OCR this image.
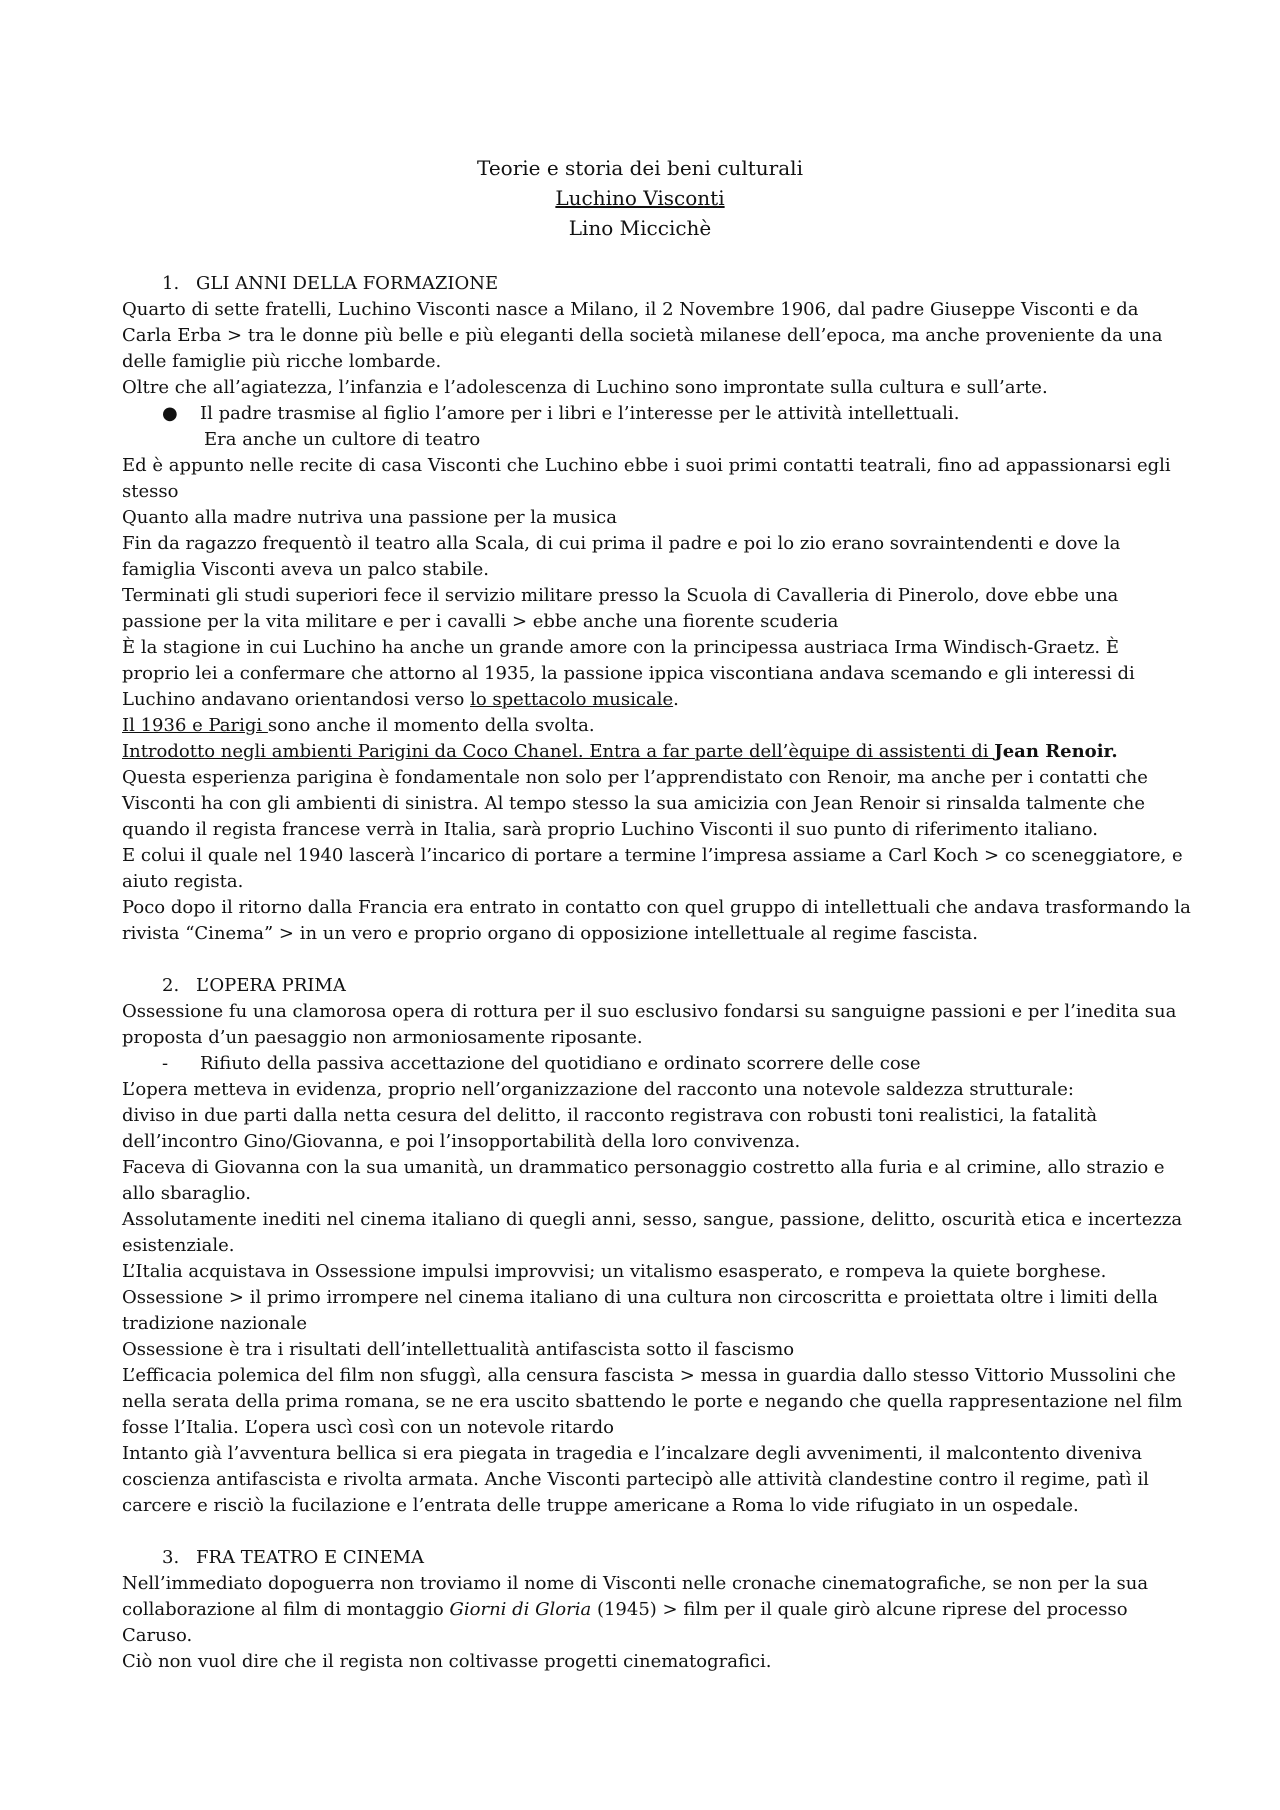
Teorie e storia dei beni culturali
Luchino Visconti
Lino Miccichè
1. GLI ANNI DELLA FORMAZIONE

Quarto di sette fratelli, Luchino Visconti nasce a Milano, il 2 Novembre 1906, dal padre Giuseppe Visconti e da Carla Erba > tra le donne più belle e più eleganti della società milanese dell’epoca, ma anche proveniente da una delle famiglie più ricche lombarde.

Oltre che all’agiatezza, l’infanzia e l’adolescenza di Luchino sono improntate sulla cultura e sull’arte.

●	Il padre trasmise al figlio l’amore per i libri e l’interesse per le attività intellettuali.

Era anche un cultore di teatro

Ed è appunto nelle recite di casa Visconti che Luchino ebbe i suoi primi contatti teatrali, fino ad appassionarsi egli stesso

Quanto alla madre nutriva una passione per la musica

Fin da ragazzo frequentò il teatro alla Scala, di cui prima il padre e poi lo zio erano sovraintendenti e dove la famiglia Visconti aveva un palco stabile.

Terminati gli studi superiori fece il servizio militare presso la Scuola di Cavalleria di Pinerolo, dove ebbe una passione per la vita militare e per i cavalli > ebbe anche una fiorente scuderia

È la stagione in cui Luchino ha anche un grande amore con la principessa austriaca Irma Windisch-Graetz. È proprio lei a confermare che attorno al 1935, la passione ippica viscontiana andava scemando e gli interessi di Luchino andavano orientandosi verso lo spettacolo musicale.

Il 1936 e Parigi sono anche il momento della svolta.

Introdotto negli ambienti Parigini da Coco Chanel. Entra a far parte dell’èquipe di assistenti di Jean Renoir.

Questa esperienza parigina è fondamentale non solo per l’apprendistato con Renoir, ma anche per i contatti che Visconti ha con gli ambienti di sinistra. Al tempo stesso la sua amicizia con Jean Renoir si rinsalda talmente che quando il regista francese verrà in Italia, sarà proprio Luchino Visconti il suo punto di riferimento italiano.

E colui il quale nel 1940 lascerà l’incarico di portare a termine l’impresa assiame a Carl Koch > co sceneggiatore, e aiuto regista.

Poco dopo il ritorno dalla Francia era entrato in contatto con quel gruppo di intellettuali che andava trasformando la rivista “Cinema” > in un vero e proprio organo di opposizione intellettuale al regime fascista.

2. L’OPERA PRIMA

Ossessione fu una clamorosa opera di rottura per il suo esclusivo fondarsi su sanguigne passioni e per l’inedita sua proposta d’un paesaggio non armoniosamente riposante.

-	Rifiuto della passiva accettazione del quotidiano e ordinato scorrere delle cose

L’opera metteva in evidenza, proprio nell’organizzazione del racconto una notevole saldezza strutturale:

diviso in due parti dalla netta cesura del delitto, il racconto registrava con robusti toni realistici, la fatalità dell’incontro Gino/Giovanna, e poi l’insopportabilità della loro convivenza.

Faceva di Giovanna con la sua umanità, un drammatico personaggio costretto alla furia e al crimine, allo strazio e allo sbaraglio.

Assolutamente inediti nel cinema italiano di quegli anni, sesso, sangue, passione, delitto, oscurità etica e incertezza esistenziale.

L’Italia acquistava in Ossessione impulsi improvvisi; un vitalismo esasperato, e rompeva la quiete borghese.

Ossessione > il primo irrompere nel cinema italiano di una cultura non circoscritta e proiettata oltre i limiti della tradizione nazionale

Ossessione è tra i risultati dell’intellettualità antifascista sotto il fascismo

L’efficacia polemica del film non sfuggì, alla censura fascista > messa in guardia dallo stesso Vittorio Mussolini che nella serata della prima romana, se ne era uscito sbattendo le porte e negando che quella rappresentazione nel film fosse l’Italia. L’opera uscì così con un notevole ritardo

Intanto già l’avventura bellica si era piegata in tragedia e l’incalzare degli avvenimenti, il malcontento diveniva coscienza antifascista e rivolta armata. Anche Visconti partecipò alle attività clandestine contro il regime, patì il carcere e risciò la fucilazione e l’entrata delle truppe americane a Roma lo vide rifugiato in un ospedale.

3. FRA TEATRO E CINEMA

Nell’immediato dopoguerra non troviamo il nome di Visconti nelle cronache cinematografiche, se non per la sua collaborazione al film di montaggio Giorni di Gloria (1945) > film per il quale girò alcune riprese del processo Caruso.

Ciò non vuol dire che il regista non coltivasse progetti cinematografici.
